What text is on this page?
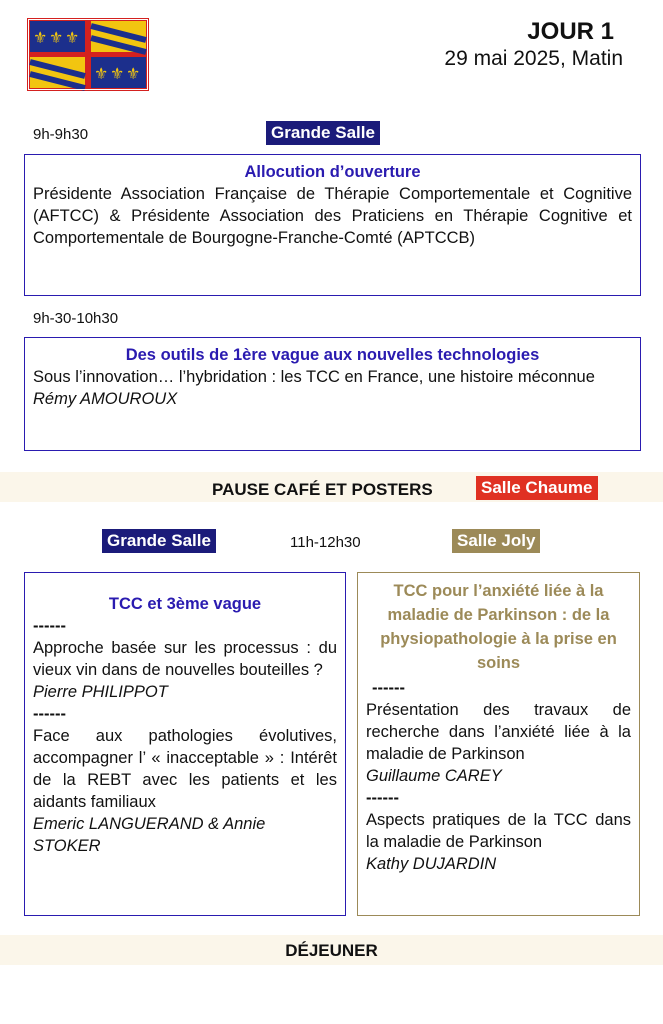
⚜ ⚜ ⚜
⚜ ⚜ ⚜
JOUR 1
29 mai 2025, Matin
9h-9h30	Grande Salle
Allocution d’ouverture
Présidente Association Française de Thérapie Comportementale et Cognitive (AFTCC) & Présidente Association des Praticiens en Thérapie Cognitive et Comportementale de Bourgogne-Franche-Comté (APTCCB)
9h-30-10h30
Des outils de 1ère vague aux nouvelles technologies
Sous l’innovation… l’hybridation : les TCC en France, une histoire méconnue
Rémy AMOUROUX
PAUSE CAFÉ ET POSTERS	Salle Chaume
Grande Salle	11h-12h30	Salle Joly
TCC et 3ème vague
------
Approche basée sur les processus : du vieux vin dans de nouvelles bouteilles ?
Pierre PHILIPPOT
------
Face aux pathologies évolutives, accompagner l’ « inacceptable » : Intérêt de la REBT avec les patients et les aidants familiaux
Emeric LANGUERAND & Annie STOKER
TCC pour l’anxiété liée à la maladie de Parkinson : de la physiopathologie à la prise en soins
------
Présentation des travaux de recherche dans l’anxiété liée à la maladie de Parkinson
Guillaume CAREY
------
Aspects pratiques de la TCC dans la maladie de Parkinson
Kathy DUJARDIN
DÉJEUNER
